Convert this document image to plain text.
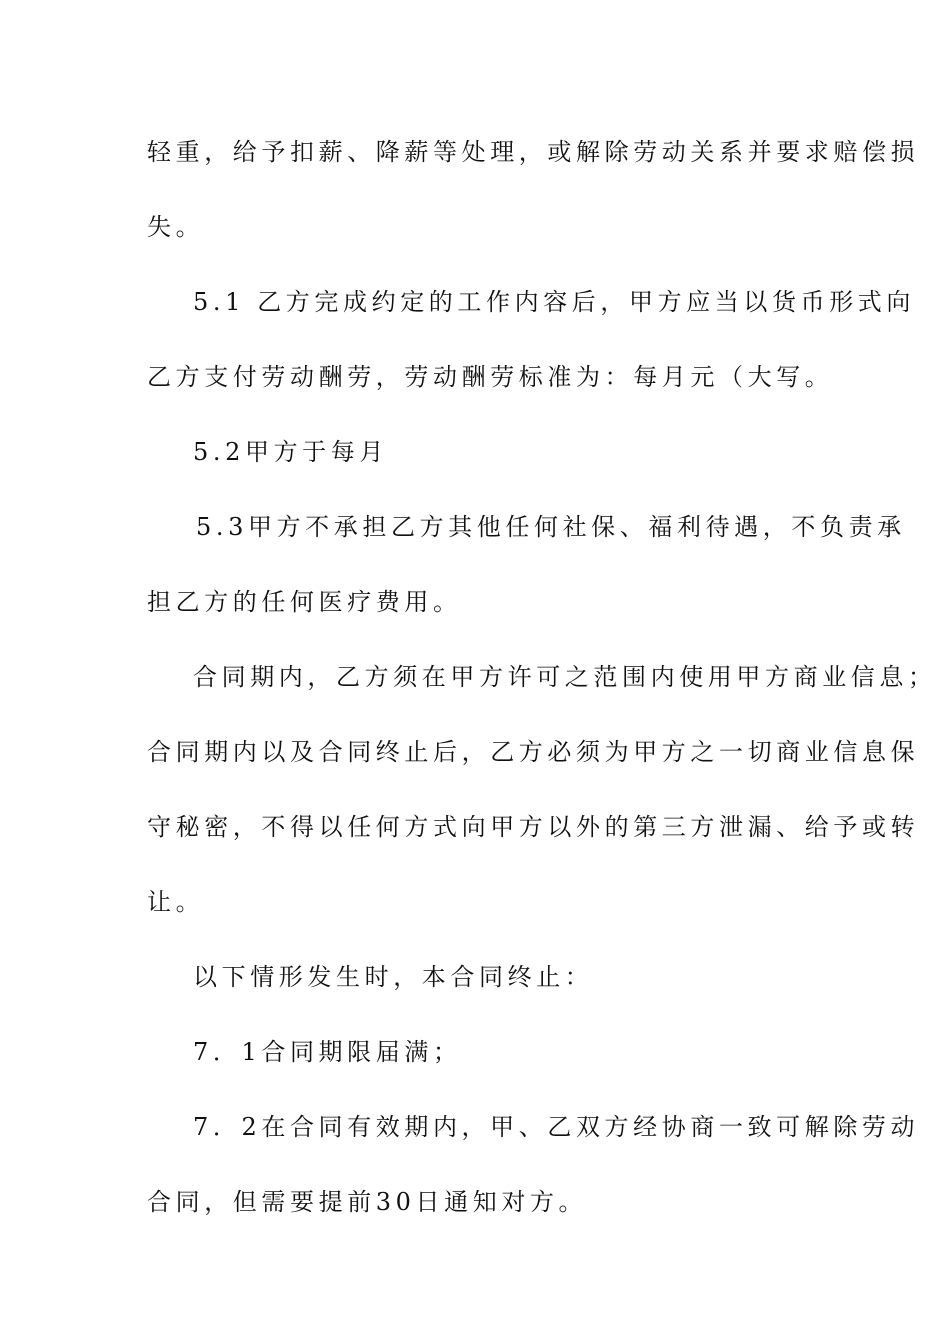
轻重，给予扣薪、降薪等处理，或解除劳动关系并要求赔偿损
失。
5.1 乙方完成约定的工作内容后，甲方应当以货币形式向
乙方支付劳动酬劳，劳动酬劳标准为：每月元（大写。
5.2甲方于每月
5.3甲方不承担乙方其他任何社保、福利待遇，不负责承
担乙方的任何医疗费用。
合同期内，乙方须在甲方许可之范围内使用甲方商业信息；
合同期内以及合同终止后，乙方必须为甲方之一切商业信息保
守秘密，不得以任何方式向甲方以外的第三方泄漏、给予或转
让。
以下情形发生时，本合同终止：
7．1合同期限届满；
7．2在合同有效期内，甲、乙双方经协商一致可解除劳动
合同，但需要提前30日通知对方。
